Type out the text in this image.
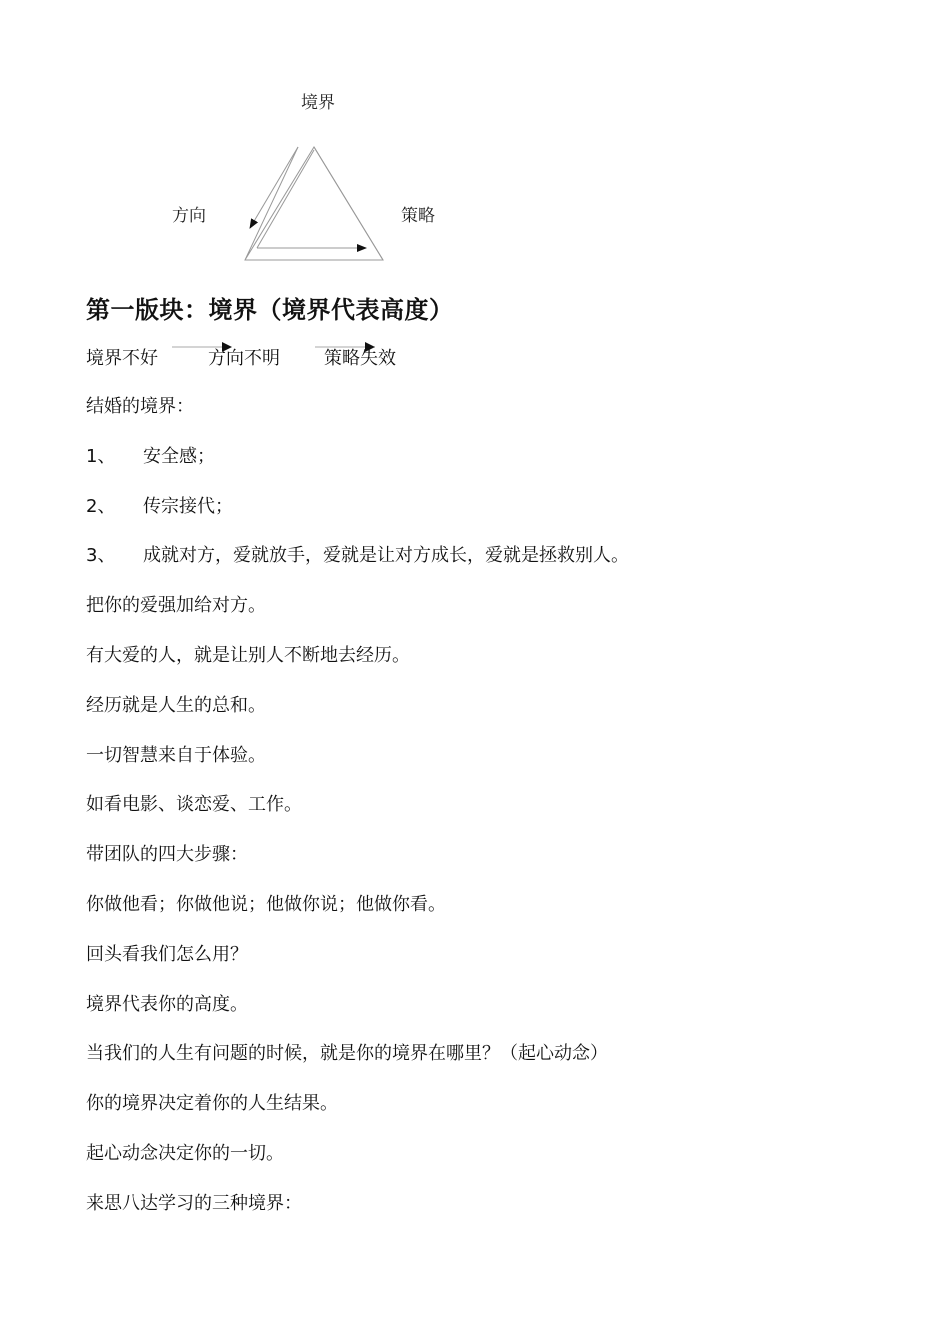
境界
方向	策略
第一版块：境界（境界代表高度）
境界不好	方向不明 策略失效
结婚的境界：
1、 安全感；
2、 传宗接代；
3、 成就对方，爱就放手，爱就是让对方成长，爱就是拯救别人。
把你的爱强加给对方。
有大爱的人，就是让别人不断地去经历。
经历就是人生的总和。
一切智慧来自于体验。
如看电影、谈恋爱、工作。
带团队的四大步骤：
你做他看；你做他说；他做你说；他做你看。
回头看我们怎么用？
境界代表你的高度。
当我们的人生有问题的时候，就是你的境界在哪里？（起心动念）
你的境界决定着你的人生结果。
起心动念决定你的一切。
来思八达学习的三种境界：
